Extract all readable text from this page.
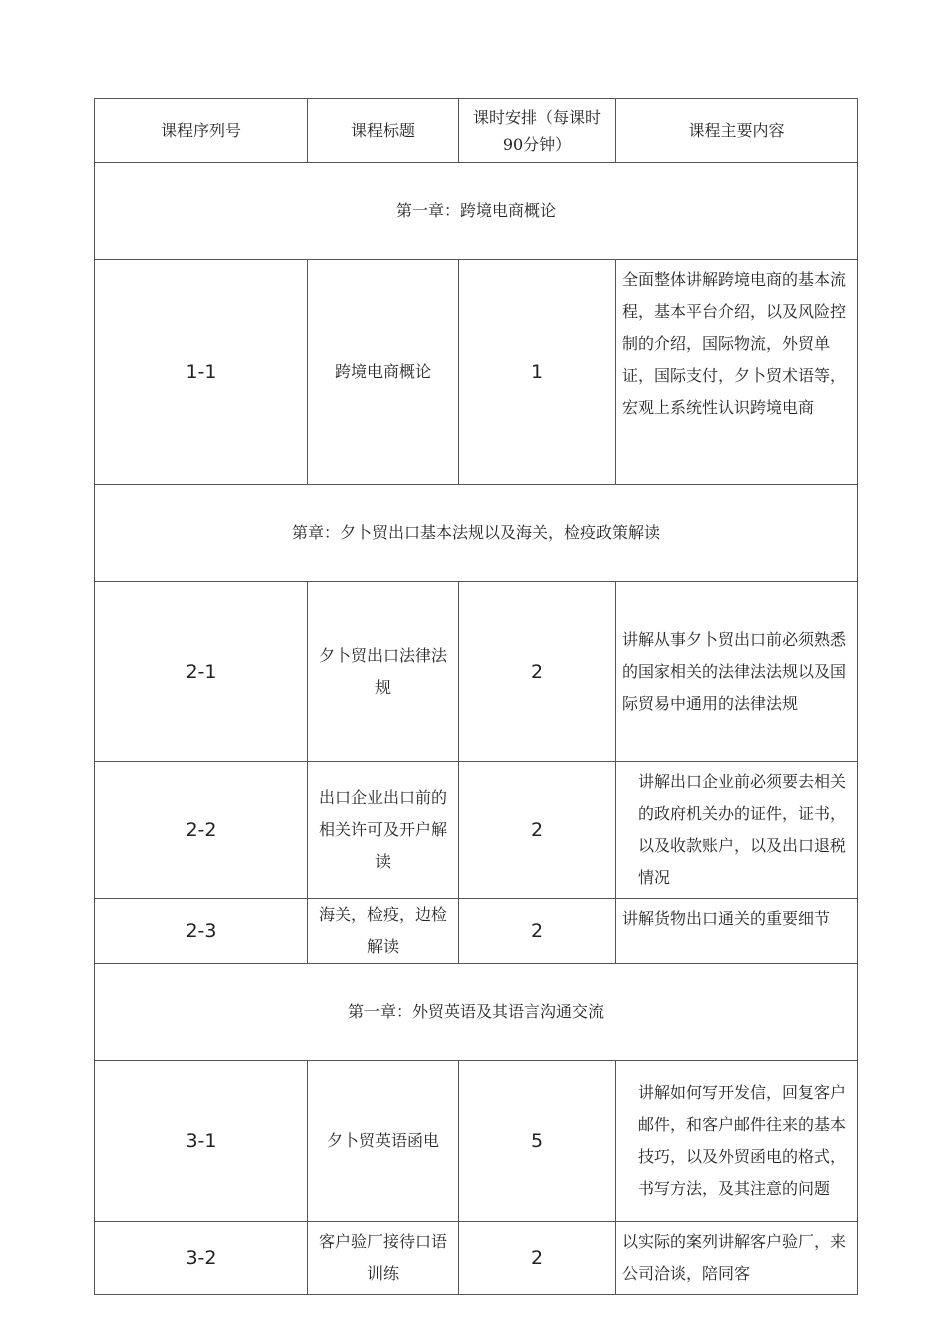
课程序列号	课程标题	课时安排（每课时90分钟）	课程主要内容
第一章：跨境电商概论			
1-1	跨境电商概论	1	全面整体讲解跨境电商的基本流程，基本平台介绍，以及风险控制的介绍，国际物流，外贸单证，国际支付，夕卜贸术语等，宏观上系统性认识跨境电商
第章：夕卜贸出口基本法规以及海关，检疫政策解读			
2-1	夕卜贸出口法律法规	2	讲解从事夕卜贸出口前必须熟悉的国家相关的法律法法规以及国际贸易中通用的法律法规
2-2	出口企业出口前的相关许可及开户解读	2	讲解出口企业前必须要去相关的政府机关办的证件，证书，以及收款账户，以及出口退税情况
2-3	海关，检疫，边检解读	2	讲解货物出口通关的重要细节
第一章：外贸英语及其语言沟通交流			
3-1	夕卜贸英语函电	5	讲解如何写开发信，回复客户邮件，和客户邮件往来的基本技巧，以及外贸函电的格式，书写方法，及其注意的问题
3-2	客户验厂接待口语训练	2	以实际的案列讲解客户验厂，来公司洽谈，陪同客
